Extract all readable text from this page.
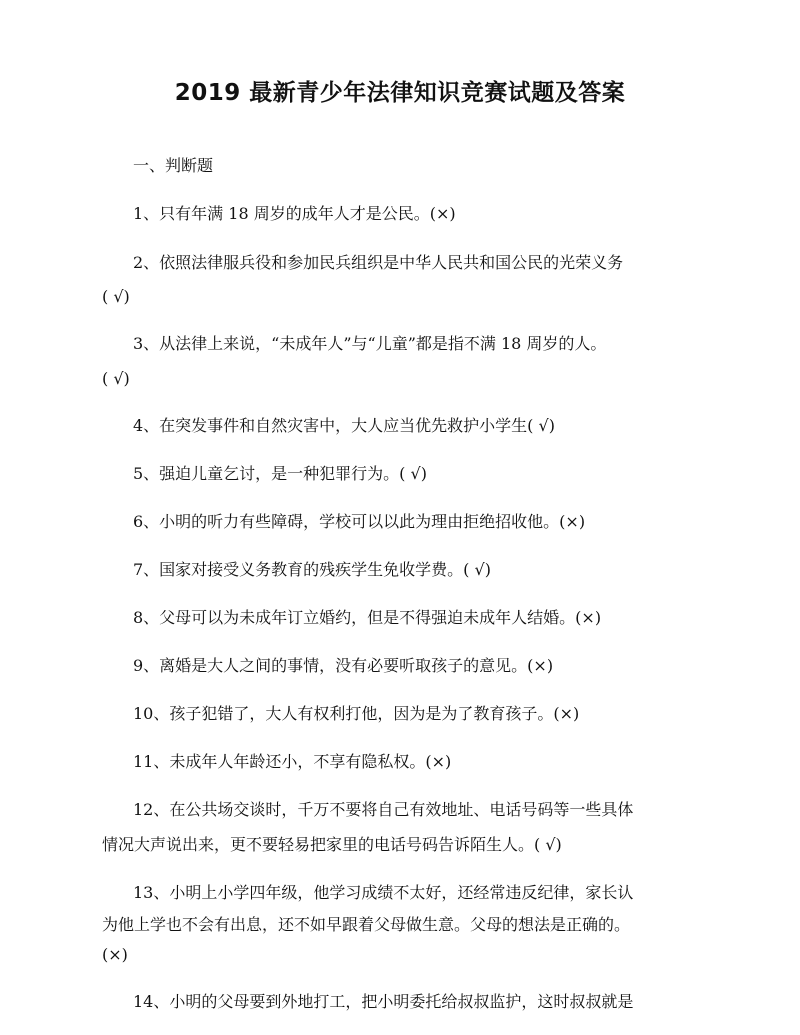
2019 最新青少年法律知识竞赛试题及答案
一、判断题
1、只有年满 18 周岁的成年人才是公民。(×)
2、依照法律服兵役和参加民兵组织是中华人民共和国公民的光荣义务
( √)
3、从法律上来说，“未成年人”与“儿童”都是指不满 18 周岁的人。
( √)
4、在突发事件和自然灾害中，大人应当优先救护小学生( √)
5、强迫儿童乞讨，是一种犯罪行为。( √)
6、小明的听力有些障碍，学校可以以此为理由拒绝招收他。(×)
7、国家对接受义务教育的残疾学生免收学费。( √)
8、父母可以为未成年订立婚约，但是不得强迫未成年人结婚。(×)
9、离婚是大人之间的事情，没有必要听取孩子的意见。(×)
10、孩子犯错了，大人有权利打他，因为是为了教育孩子。(×)
11、未成年人年龄还小，不享有隐私权。(×)
12、在公共场交谈时，千万不要将自己有效地址、电话号码等一些具体
情况大声说出来，更不要轻易把家里的电话号码告诉陌生人。( √)
13、小明上小学四年级，他学习成绩不太好，还经常违反纪律，家长认
为他上学也不会有出息，还不如早跟着父母做生意。父母的想法是正确的。
(×)
14、小明的父母要到外地打工，把小明委托给叔叔监护，这时叔叔就是
